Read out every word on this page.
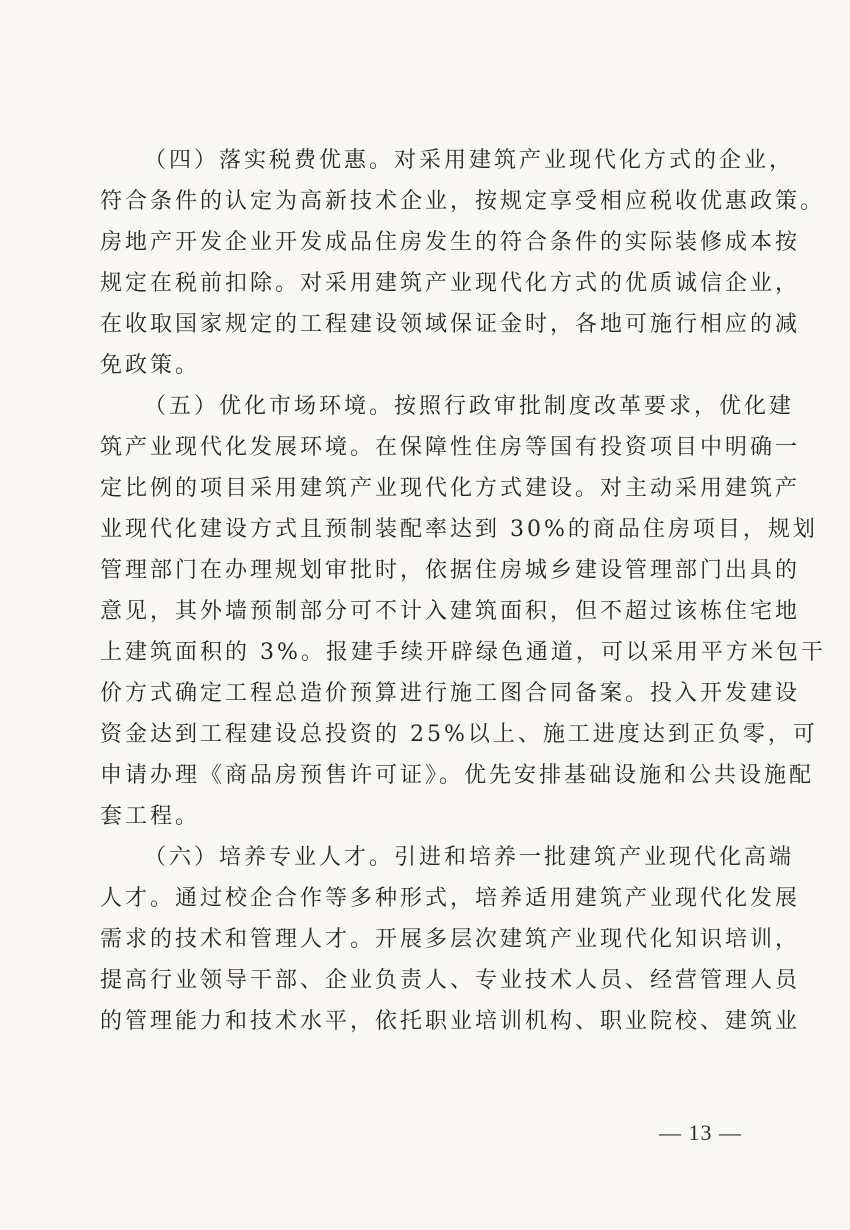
（四）落实税费优惠。对采用建筑产业现代化方式的企业，
符合条件的认定为高新技术企业，按规定享受相应税收优惠政策。
房地产开发企业开发成品住房发生的符合条件的实际装修成本按
规定在税前扣除。对采用建筑产业现代化方式的优质诚信企业，
在收取国家规定的工程建设领域保证金时，各地可施行相应的减
免政策。
（五）优化市场环境。按照行政审批制度改革要求，优化建
筑产业现代化发展环境。在保障性住房等国有投资项目中明确一
定比例的项目采用建筑产业现代化方式建设。对主动采用建筑产
业现代化建设方式且预制装配率达到 30%的商品住房项目，规划
管理部门在办理规划审批时，依据住房城乡建设管理部门出具的
意见，其外墙预制部分可不计入建筑面积，但不超过该栋住宅地
上建筑面积的 3%。报建手续开辟绿色通道，可以采用平方米包干
价方式确定工程总造价预算进行施工图合同备案。投入开发建设
资金达到工程建设总投资的 25%以上、施工进度达到正负零，可
申请办理《商品房预售许可证》。优先安排基础设施和公共设施配
套工程。
（六）培养专业人才。引进和培养一批建筑产业现代化高端
人才。通过校企合作等多种形式，培养适用建筑产业现代化发展
需求的技术和管理人才。开展多层次建筑产业现代化知识培训，
提高行业领导干部、企业负责人、专业技术人员、经营管理人员
的管理能力和技术水平，依托职业培训机构、职业院校、建筑业
— 13 —
